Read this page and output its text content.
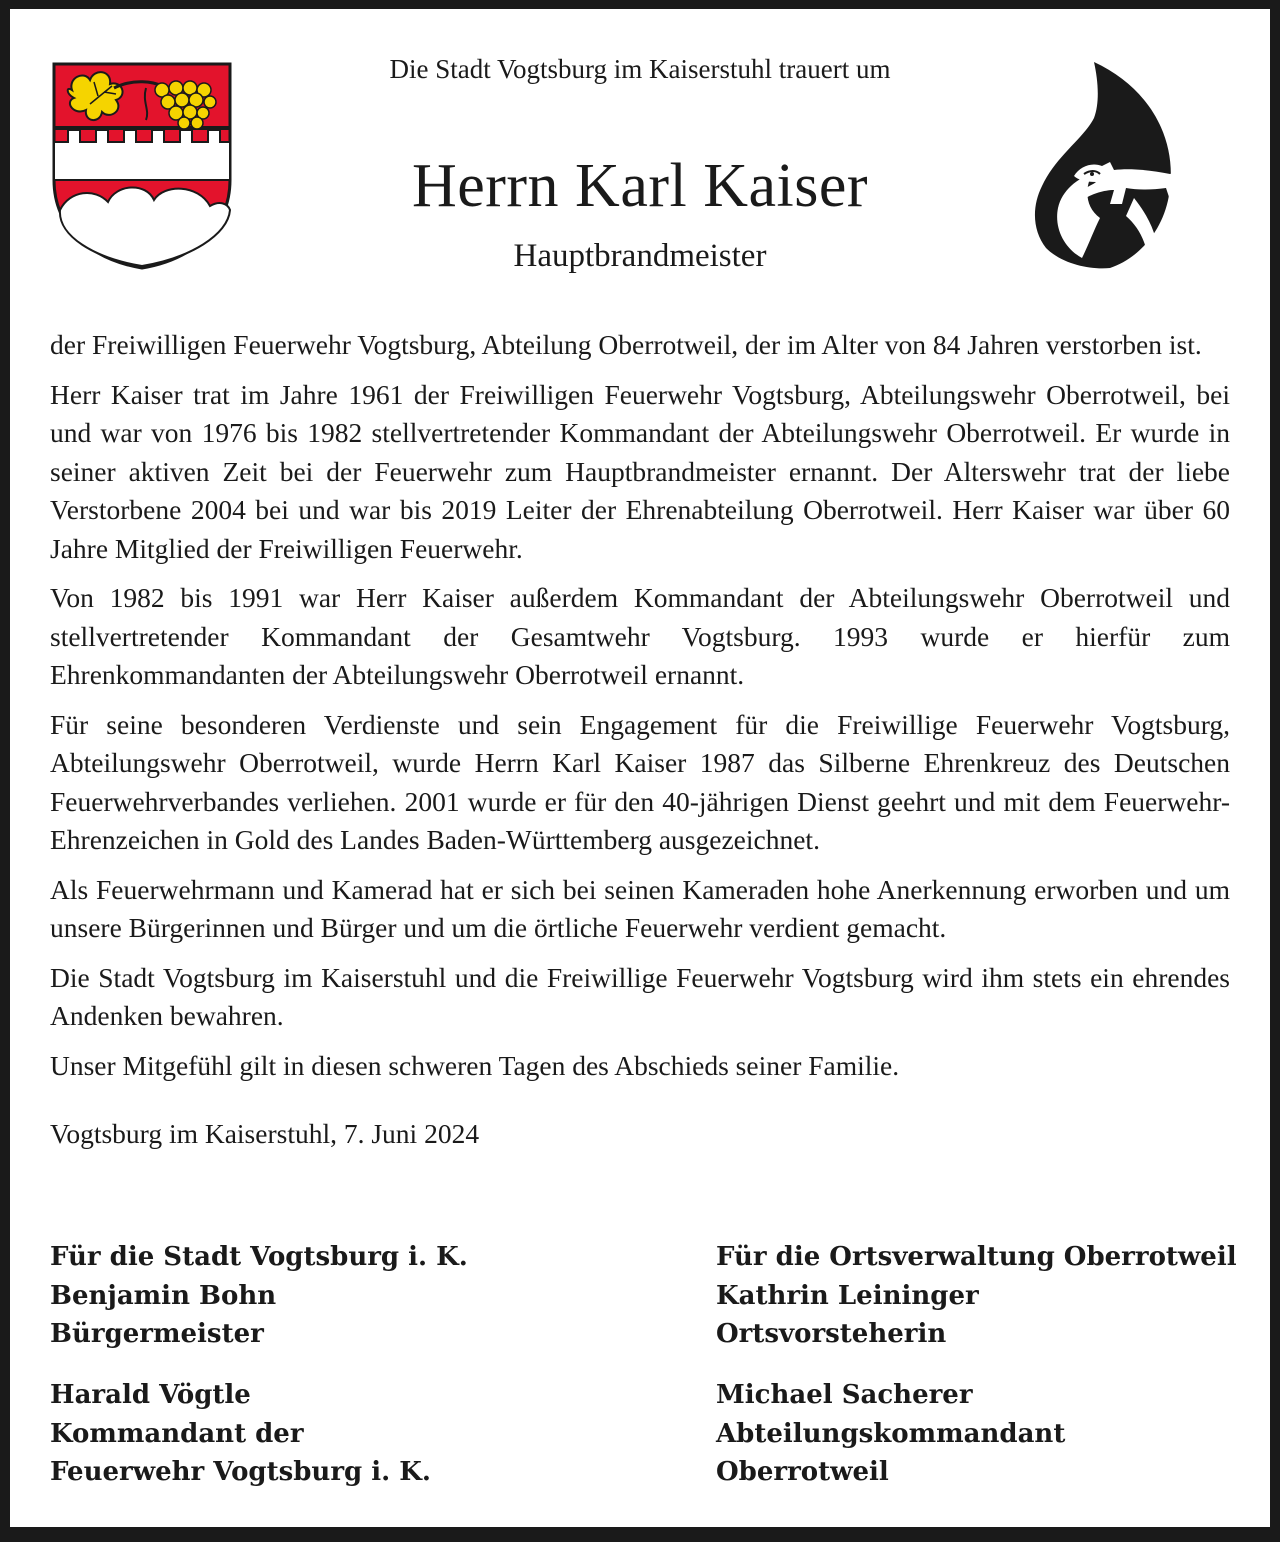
Die Stadt Vogtsburg im Kaiserstuhl trauert um
Herrn Karl Kaiser
Hauptbrandmeister

der Freiwilligen Feuerwehr Vogtsburg, Abteilung Oberrotweil, der im Alter von 84 Jahren verstorben ist.

Herr Kaiser trat im Jahre 1961 der Freiwilligen Feuerwehr Vogtsburg, Abteilungswehr Oberrotweil, bei und war von 1976 bis 1982 stellvertretender Kommandant der Abteilungswehr Oberrotweil. Er wurde in seiner aktiven Zeit bei der Feuerwehr zum Hauptbrandmeister ernannt. Der Alterswehr trat der liebe Verstorbene 2004 bei und war bis 2019 Leiter der Ehrenabteilung Oberrotweil. Herr Kaiser war über 60 Jahre Mitglied der Freiwilligen Feuerwehr.

Von 1982 bis 1991 war Herr Kaiser außerdem Kommandant der Abteilungswehr Oberrotweil und stellvertretender Kommandant der Gesamtwehr Vogtsburg. 1993 wurde er hierfür zum Ehrenkommandanten der Abteilungswehr Oberrotweil ernannt.

Für seine besonderen Verdienste und sein Engagement für die Freiwillige Feuerwehr Vogtsburg, Abteilungswehr Oberrotweil, wurde Herrn Karl Kaiser 1987 das Silberne Ehrenkreuz des Deutschen Feuerwehrverbandes verliehen. 2001 wurde er für den 40-jährigen Dienst geehrt und mit dem Feuerwehr-Ehrenzeichen in Gold des Landes Baden-Württemberg ausgezeichnet.

Als Feuerwehrmann und Kamerad hat er sich bei seinen Kameraden hohe Anerkennung erworben und um unsere Bürgerinnen und Bürger und um die örtliche Feuerwehr verdient gemacht.

Die Stadt Vogtsburg im Kaiserstuhl und die Freiwillige Feuerwehr Vogtsburg wird ihm stets ein ehrendes Andenken bewahren.

Unser Mitgefühl gilt in diesen schweren Tagen des Abschieds seiner Familie.

Vogtsburg im Kaiserstuhl, 7. Juni 2024

Für die Stadt Vogtsburg i. K.
Benjamin Bohn
Bürgermeister
Für die Ortsverwaltung Oberrotweil
Kathrin Leininger
Ortsvorsteherin
Harald Vögtle
Kommandant der
Feuerwehr Vogtsburg i. K.
Michael Sacherer
Abteilungskommandant
Oberrotweil
